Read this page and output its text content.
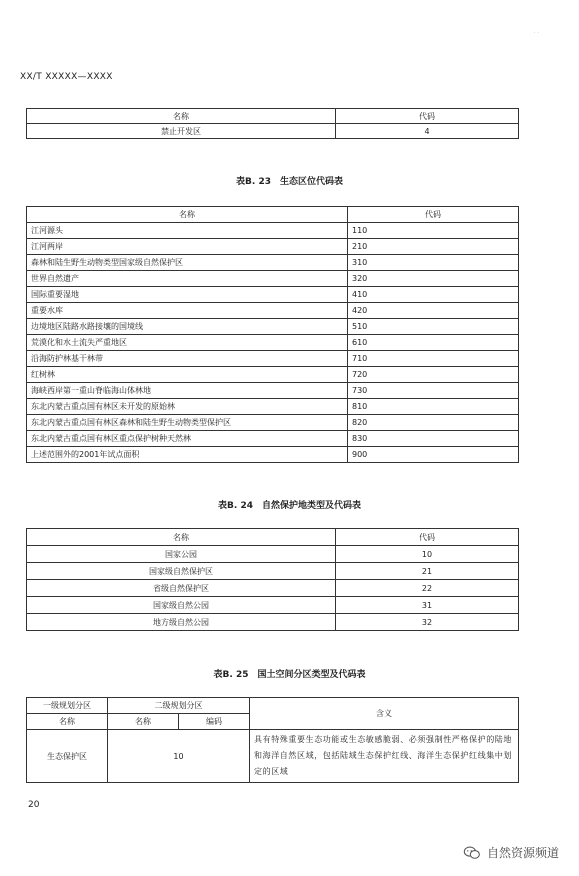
· ·
XX/T XXXXX—XXXX
名称	代码
禁止开发区	4
表B. 23　生态区位代码表
名称	代码
江河源头	110
江河两岸	210
森林和陆生野生动物类型国家级自然保护区	310
世界自然遗产	320
国际重要湿地	410
重要水库	420
边境地区陆路水路接壤的国境线	510
荒漠化和水土流失严重地区	610
沿海防护林基干林带	710
红树林	720
海峡西岸第一重山脊临海山体林地	730
东北内蒙古重点国有林区未开发的原始林	810
东北内蒙古重点国有林区森林和陆生野生动物类型保护区	820
东北内蒙古重点国有林区重点保护树种天然林	830
上述范围外的2001年试点面积	900
表B. 24　自然保护地类型及代码表
名称	代码
国家公园	10
国家级自然保护区	21
省级自然保护区	22
国家级自然公园	31
地方级自然公园	32
表B. 25　国土空间分区类型及代码表
一级规划分区	二级规划分区		含义
名称	名称	编码	
生态保护区	10		具有特殊重要生态功能或生态敏感脆弱、必须强制性严格保护的陆地和海洋自然区域，包括陆域生态保护红线、海洋生态保护红线集中划定的区域
20
自然资源频道
